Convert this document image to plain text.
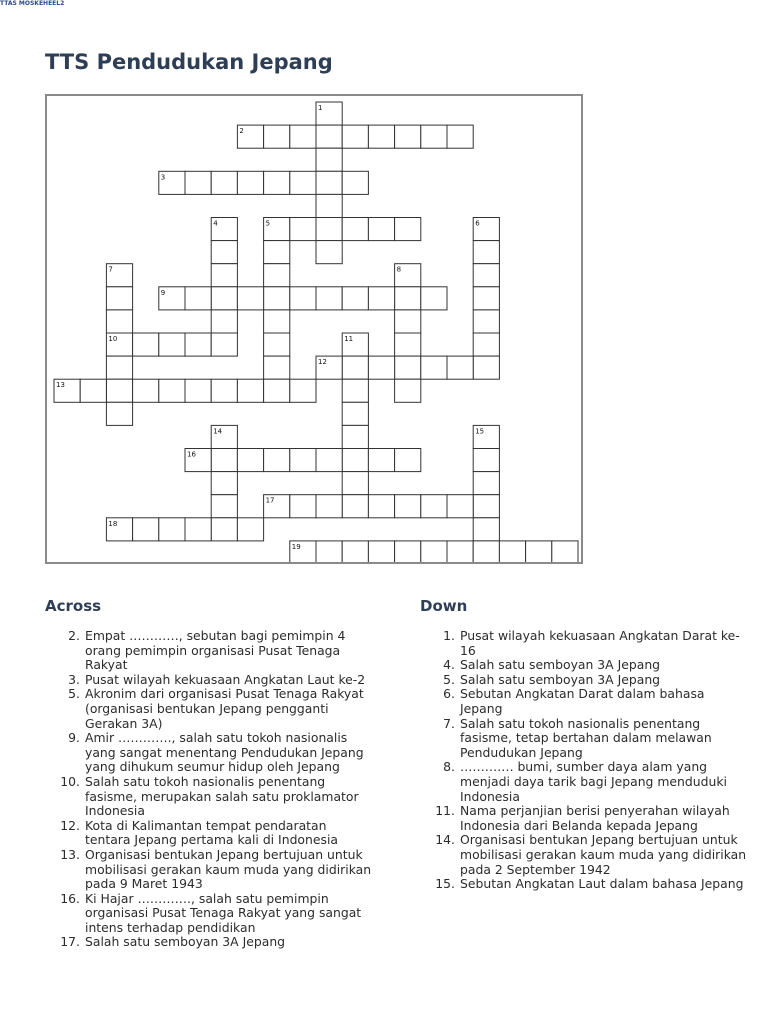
TTAS MOSKEHEEL2
TTS Pendudukan Jepang
1
2
3
4	5	6
7	8
9
10	11
12
13
14	15
16
17
18
19
Across
2. Empat …………, sebutan bagi pemimpin 4 orang pemimpin organisasi Pusat Tenaga Rakyat
3. Pusat wilayah kekuasaan Angkatan Laut ke-2
5. Akronim dari organisasi Pusat Tenaga Rakyat (organisasi bentukan Jepang pengganti Gerakan 3A)
9. Amir …………., salah satu tokoh nasionalis yang sangat menentang Pendudukan Jepang yang dihukum seumur hidup oleh Jepang
10. Salah satu tokoh nasionalis penentang fasisme, merupakan salah satu proklamator Indonesia
12. Kota di Kalimantan tempat pendaratan tentara Jepang pertama kali di Indonesia
13. Organisasi bentukan Jepang bertujuan untuk mobilisasi gerakan kaum muda yang didirikan pada 9 Maret 1943
16. Ki Hajar …………., salah satu pemimpin organisasi Pusat Tenaga Rakyat yang sangat intens terhadap pendidikan
17. Salah satu semboyan 3A Jepang
Down
1. Pusat wilayah kekuasaan Angkatan Darat ke-16
4. Salah satu semboyan 3A Jepang
5. Salah satu semboyan 3A Jepang
6. Sebutan Angkatan Darat dalam bahasa Jepang
7. Salah satu tokoh nasionalis penentang fasisme, tetap bertahan dalam melawan Pendudukan Jepang
8. …………. bumi, sumber daya alam yang menjadi daya tarik bagi Jepang menduduki Indonesia
11. Nama perjanjian berisi penyerahan wilayah Indonesia dari Belanda kepada Jepang
14. Organisasi bentukan Jepang bertujuan untuk mobilisasi gerakan kaum muda yang didirikan pada 2 September 1942
15. Sebutan Angkatan Laut dalam bahasa Jepang
